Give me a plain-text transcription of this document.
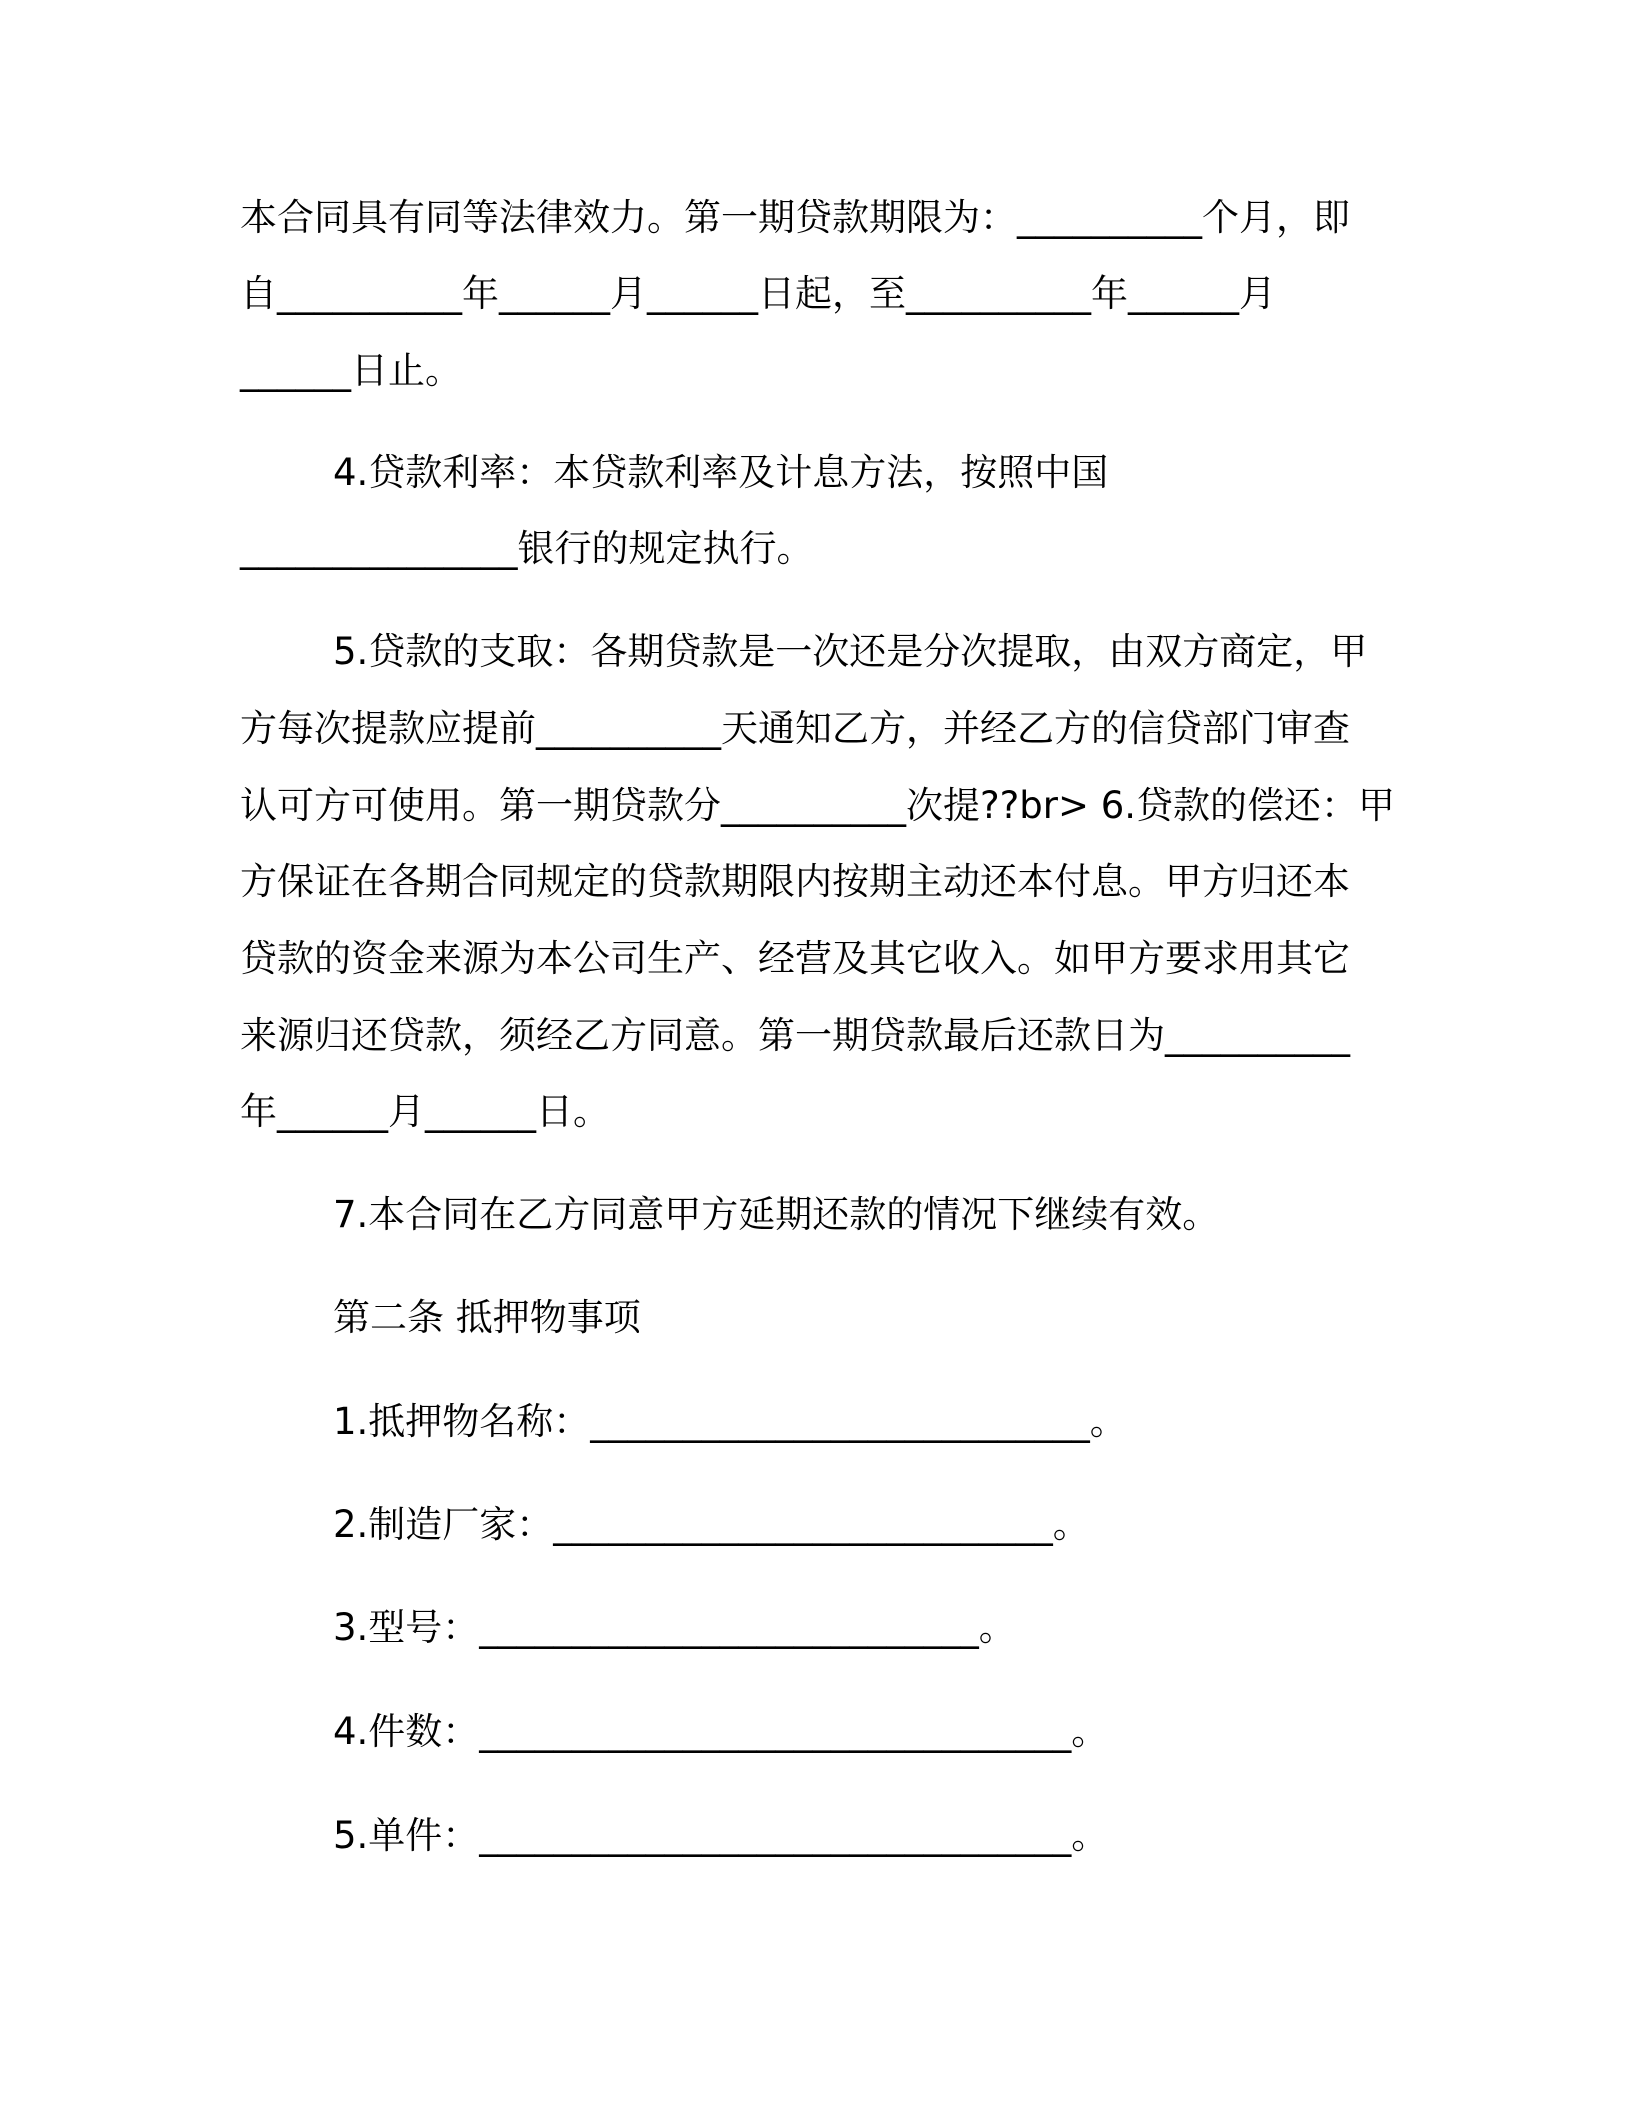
本合同具有同等法律效力。第一期贷款期限为：__________个月，即
自__________年______月______日起，至__________年______月
______日止。
4.贷款利率：本贷款利率及计息方法，按照中国
_______________银行的规定执行。
5.贷款的支取：各期贷款是一次还是分次提取，由双方商定，甲
方每次提款应提前__________天通知乙方，并经乙方的信贷部门审查
认可方可使用。第一期贷款分__________次提??br> 6.贷款的偿还：甲
方保证在各期合同规定的贷款期限内按期主动还本付息。甲方归还本
贷款的资金来源为本公司生产、经营及其它收入。如甲方要求用其它
来源归还贷款，须经乙方同意。第一期贷款最后还款日为__________
年______月______日。
7.本合同在乙方同意甲方延期还款的情况下继续有效。
第二条 抵押物事项
1.抵押物名称：___________________________。
2.制造厂家：___________________________。
3.型号：___________________________。
4.件数：________________________________。
5.单件：________________________________。
